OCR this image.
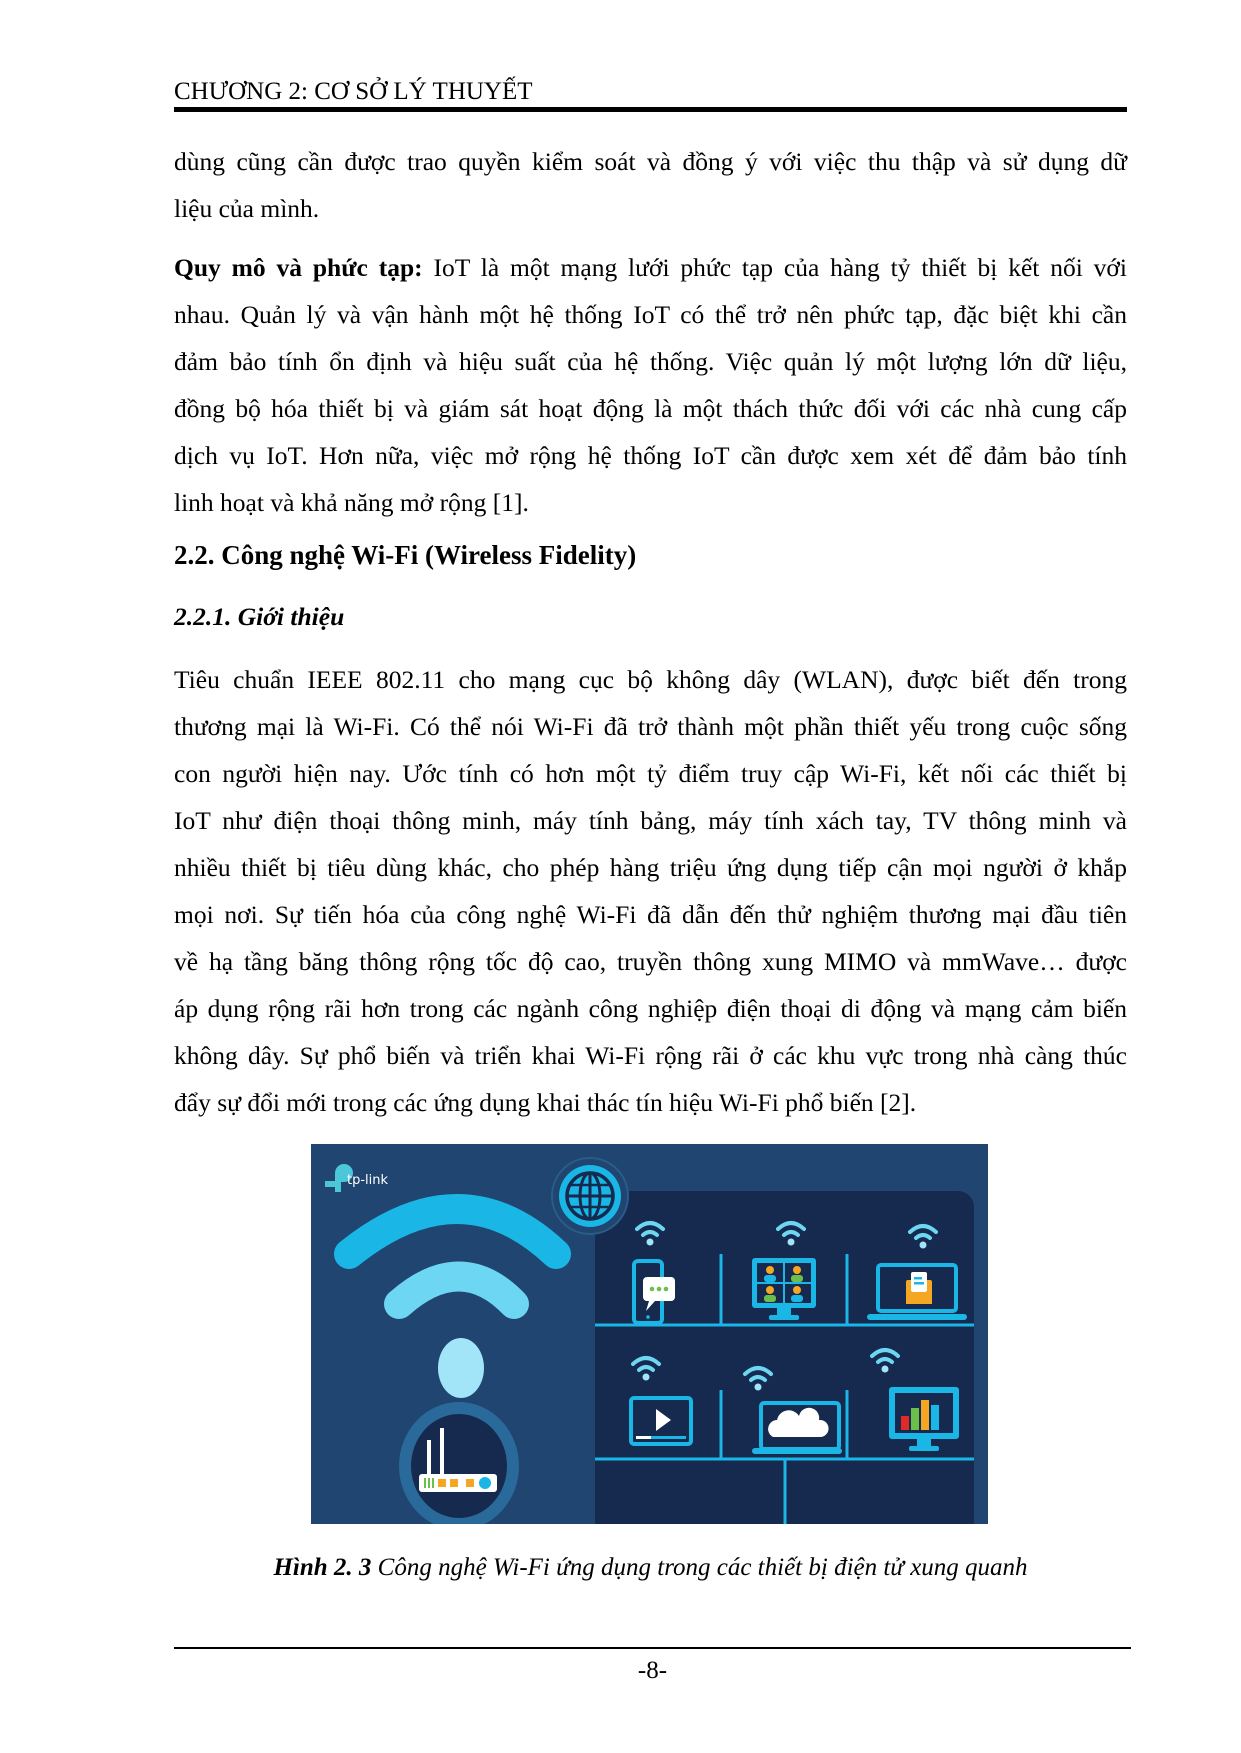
CHƯƠNG 2: CƠ SỞ LÝ THUYẾT
dùng cũng cần được trao quyền kiểm soát và đồng ý với việc thu thập và sử dụng dữ
liệu của mình.
Quy mô và phức tạp: IoT là một mạng lưới phức tạp của hàng tỷ thiết bị kết nối với
nhau. Quản lý và vận hành một hệ thống IoT có thể trở nên phức tạp, đặc biệt khi cần
đảm bảo tính ổn định và hiệu suất của hệ thống. Việc quản lý một lượng lớn dữ liệu,
đồng bộ hóa thiết bị và giám sát hoạt động là một thách thức đối với các nhà cung cấp
dịch vụ IoT. Hơn nữa, việc mở rộng hệ thống IoT cần được xem xét để đảm bảo tính
linh hoạt và khả năng mở rộng [1].
2.2. Công nghệ Wi-Fi (Wireless Fidelity)
2.2.1. Giới thiệu
Tiêu chuẩn IEEE 802.11 cho mạng cục bộ không dây (WLAN), được biết đến trong
thương mại là Wi-Fi. Có thể nói Wi-Fi đã trở thành một phần thiết yếu trong cuộc sống
con người hiện nay. Ước tính có hơn một tỷ điểm truy cập Wi-Fi, kết nối các thiết bị
IoT như điện thoại thông minh, máy tính bảng, máy tính xách tay, TV thông minh và
nhiều thiết bị tiêu dùng khác, cho phép hàng triệu ứng dụng tiếp cận mọi người ở khắp
mọi nơi. Sự tiến hóa của công nghệ Wi-Fi đã dẫn đến thử nghiệm thương mại đầu tiên
về hạ tầng băng thông rộng tốc độ cao, truyền thông xung MIMO và mmWave… được
áp dụng rộng rãi hơn trong các ngành công nghiệp điện thoại di động và mạng cảm biến
không dây. Sự phổ biến và triển khai Wi-Fi rộng rãi ở các khu vực trong nhà càng thúc
đẩy sự đổi mới trong các ứng dụng khai thác tín hiệu Wi-Fi phổ biến [2].
tp-link
Hình 2. 3 Công nghệ Wi-Fi ứng dụng trong các thiết bị điện tử xung quanh
-8-
